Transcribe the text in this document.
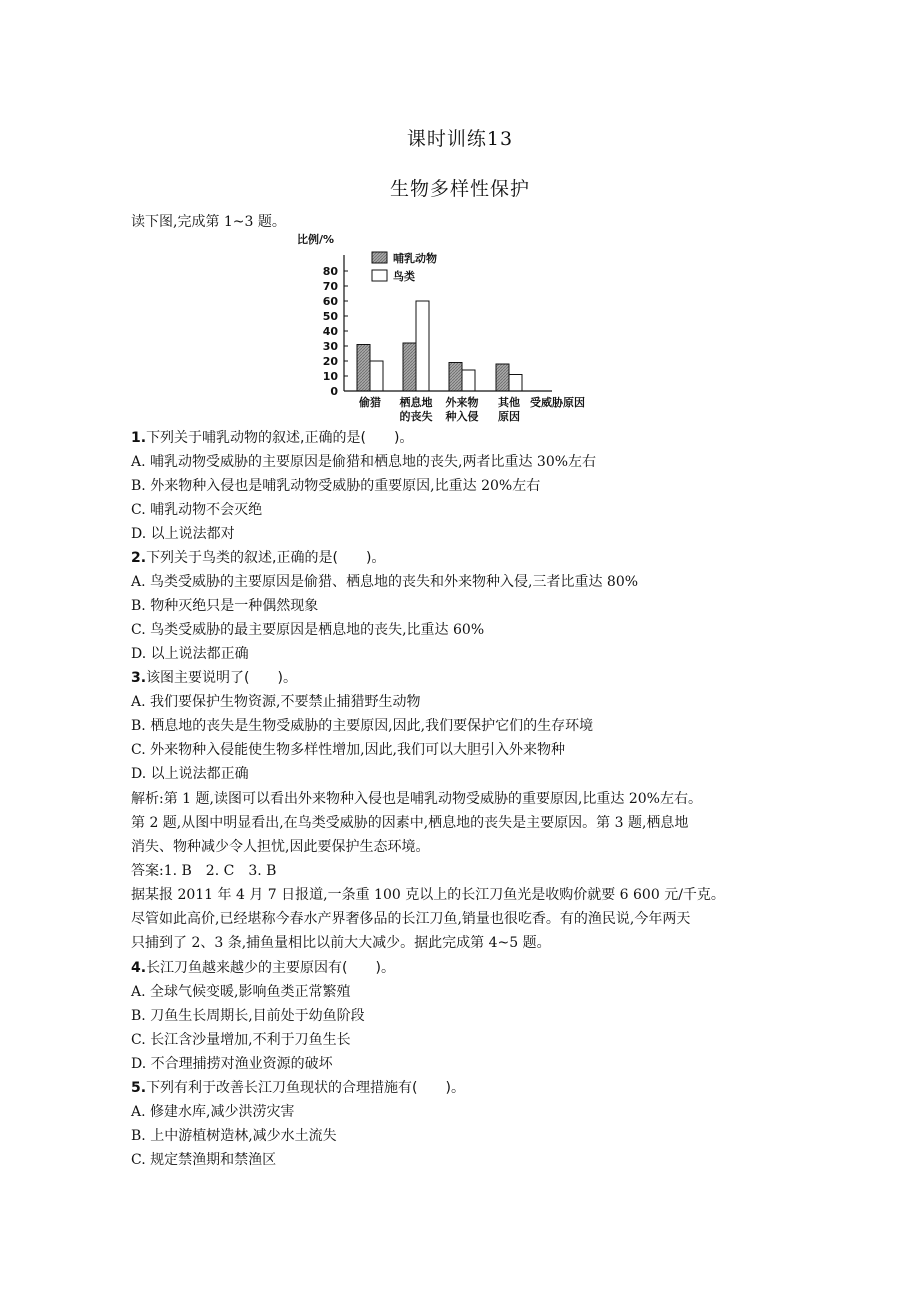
课时训练13
生物多样性保护
读下图,完成第 1~3 题。
比例/%
80
70
60
50
40
30
20
10
0
偷猎 栖息地
的丧失
外来物
种入侵
其他
原因
哺乳动物
鸟类
受威胁原因
1.下列关于哺乳动物的叙述,正确的是(　　)。
A. 哺乳动物受威胁的主要原因是偷猎和栖息地的丧失,两者比重达 30%左右
B. 外来物种入侵也是哺乳动物受威胁的重要原因,比重达 20%左右
C. 哺乳动物不会灭绝
D. 以上说法都对
2.下列关于鸟类的叙述,正确的是(　　)。
A. 鸟类受威胁的主要原因是偷猎、栖息地的丧失和外来物种入侵,三者比重达 80%
B. 物种灭绝只是一种偶然现象
C. 鸟类受威胁的最主要原因是栖息地的丧失,比重达 60%
D. 以上说法都正确
3.该图主要说明了(　　)。
A. 我们要保护生物资源,不要禁止捕猎野生动物
B. 栖息地的丧失是生物受威胁的主要原因,因此,我们要保护它们的生存环境
C. 外来物种入侵能使生物多样性增加,因此,我们可以大胆引入外来物种
D. 以上说法都正确
解析:第 1 题,读图可以看出外来物种入侵也是哺乳动物受威胁的重要原因,比重达 20%左右。
第 2 题,从图中明显看出,在鸟类受威胁的因素中,栖息地的丧失是主要原因。第 3 题,栖息地
消失、物种减少令人担忧,因此要保护生态环境。
答案:1. B　2. C　3. B
据某报 2011 年 4 月 7 日报道,一条重 100 克以上的长江刀鱼光是收购价就要 6 600 元/千克。
尽管如此高价,已经堪称今春水产界奢侈品的长江刀鱼,销量也很吃香。有的渔民说,今年两天
只捕到了 2、3 条,捕鱼量相比以前大大减少。据此完成第 4~5 题。
4.长江刀鱼越来越少的主要原因有(　　)。
A. 全球气候变暖,影响鱼类正常繁殖
B. 刀鱼生长周期长,目前处于幼鱼阶段
C. 长江含沙量增加,不利于刀鱼生长
D. 不合理捕捞对渔业资源的破坏
5.下列有利于改善长江刀鱼现状的合理措施有(　　)。
A. 修建水库,减少洪涝灾害
B. 上中游植树造林,减少水土流失
C. 规定禁渔期和禁渔区
